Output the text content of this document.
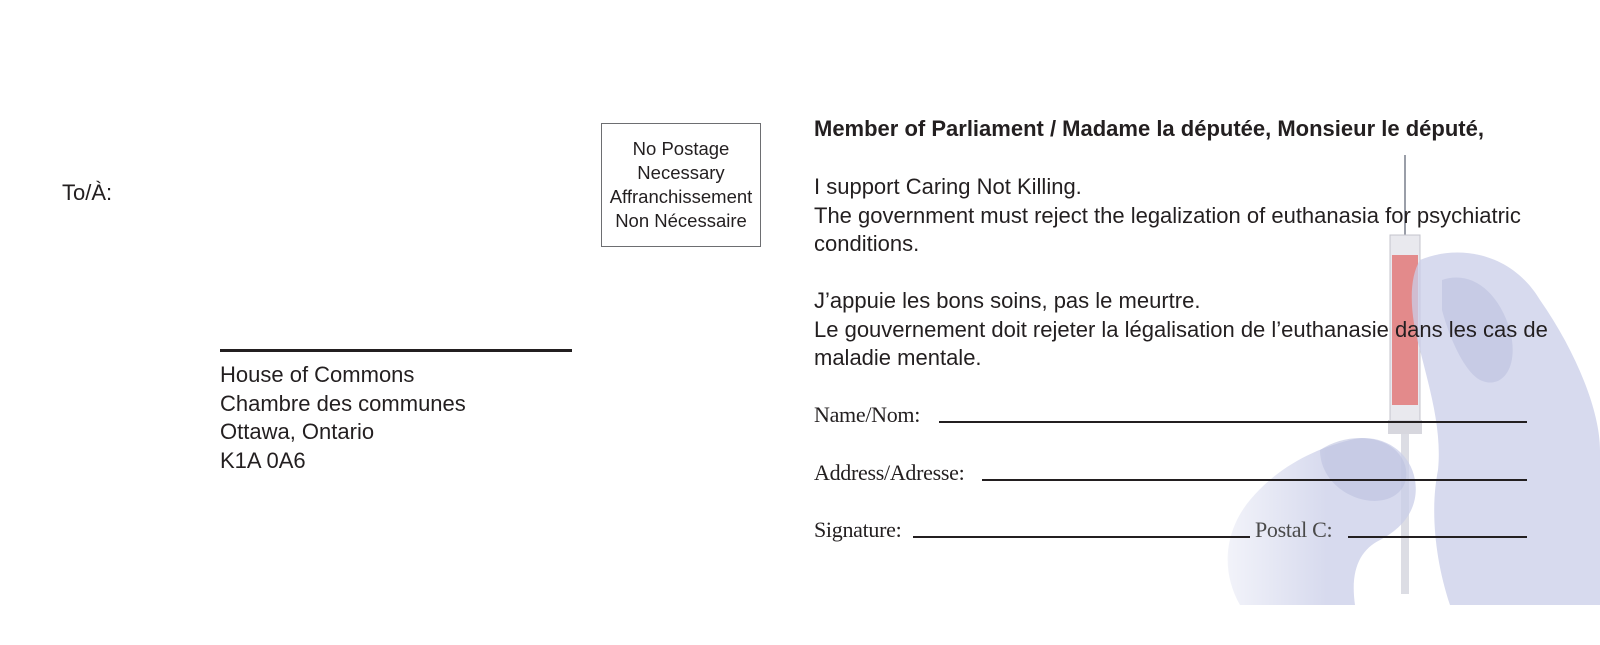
To/À:
House of Commons
Chambre des communes
Ottawa, Ontario
K1A 0A6
No Postage
Necessary
Affranchissement
Non Nécessaire
Member of Parliament / Madame la députée, Monsieur le député,
I support Caring Not Killing.
The government must reject the legalization of euthanasia for psychiatric conditions.
J’appuie les bons soins, pas le meurtre.
Le gouvernement doit rejeter la légalisation de l’euthanasie dans les cas de maladie mentale.
Name/Nom:
Address/Adresse:
Signature:	Postal C:
